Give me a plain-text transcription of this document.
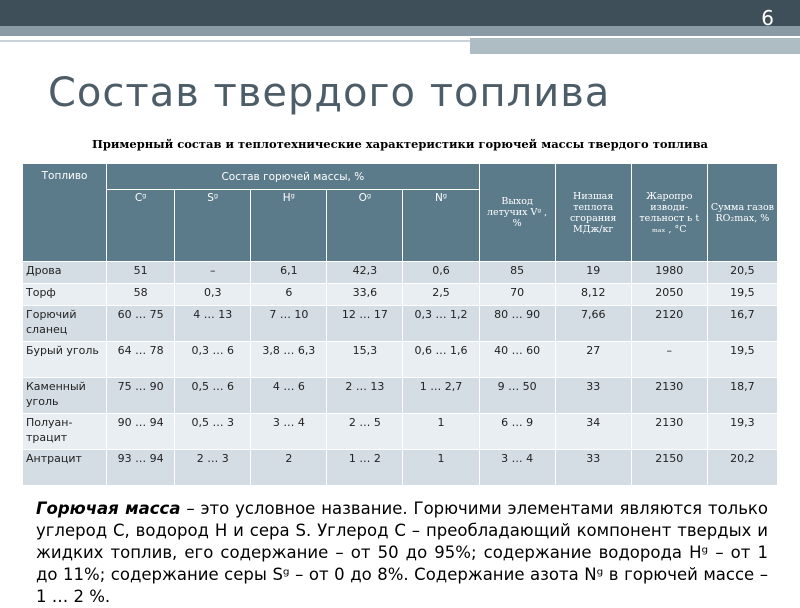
6
Состав твердого топлива
Примерный состав и теплотехнические характеристики горючей массы твердого топлива
Топливо	Состав горючей массы, %					Выход летучих Vᵍ , %	Низшая теплота сгорания МДж/кг	Жаропро изводи-тельност ь t ₘₐₓ , °C	Сумма газов RO₂max, %
	Cᵍ	Sᵍ	Hᵍ	Oᵍ	Nᵍ				
Дрова	51	–	6,1	42,3	0,6	85	19	1980	20,5
Торф	58	0,3	6	33,6	2,5	70	8,12	2050	19,5
Горючий сланец	60 … 75	4 … 13	7 … 10	12 … 17	0,3 … 1,2	80 … 90	7,66	2120	16,7
Бурый уголь	64 … 78	0,3 … 6	3,8 … 6,3	15,3	0,6 … 1,6	40 … 60	27	–	19,5
Каменный уголь	75 … 90	0,5 … 6	4 … 6	2 … 13	1 … 2,7	9 … 50	33	2130	18,7
Полуан-трацит	90 … 94	0,5 … 3	3 … 4	2 … 5	1	6 … 9	34	2130	19,3
Антрацит	93 … 94	2 … 3	2	1 … 2	1	3 … 4	33	2150	20,2
Горючая масса – это условное название. Горючими элементами являются только углерод С, водород Н и сера S. Углерод С – преобладающий компонент твердых и жидких топлив, его содержание – от 50 до 95%; содержание водорода Hᵍ – от 1 до 11%; содержание серы Sᵍ – от 0 до 8%. Содержание азота Nᵍ в горючей массе – 1 … 2 %.
